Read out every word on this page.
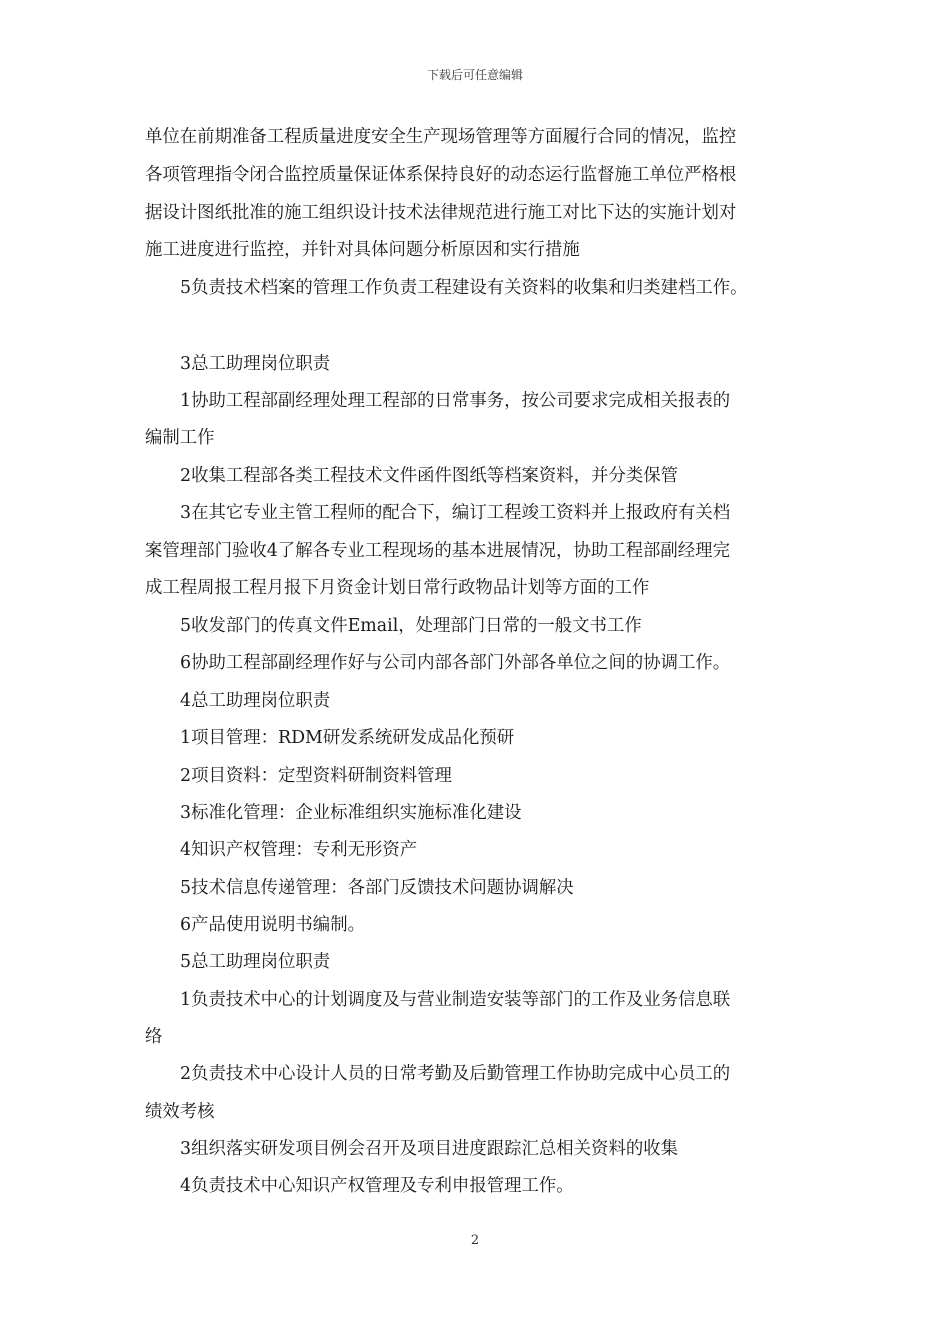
下载后可任意编辑
单位在前期准备工程质量进度安全生产现场管理等方面履行合同的情况，监控
各项管理指令闭合监控质量保证体系保持良好的动态运行监督施工单位严格根
据设计图纸批准的施工组织设计技术法律规范进行施工对比下达的实施计划对
施工进度进行监控，并针对具体问题分析原因和实行措施
5负责技术档案的管理工作负责工程建设有关资料的收集和归类建档工作。
3总工助理岗位职责
1协助工程部副经理处理工程部的日常事务，按公司要求完成相关报表的
编制工作
2收集工程部各类工程技术文件函件图纸等档案资料，并分类保管
3在其它专业主管工程师的配合下，编订工程竣工资料并上报政府有关档
案管理部门验收4了解各专业工程现场的基本进展情况，协助工程部副经理完
成工程周报工程月报下月资金计划日常行政物品计划等方面的工作
5收发部门的传真文件Email，处理部门日常的一般文书工作
6协助工程部副经理作好与公司内部各部门外部各单位之间的协调工作。
4总工助理岗位职责
1项目管理：RDM研发系统研发成品化预研
2项目资料：定型资料研制资料管理
3标准化管理：企业标准组织实施标准化建设
4知识产权管理：专利无形资产
5技术信息传递管理：各部门反馈技术问题协调解决
6产品使用说明书编制。
5总工助理岗位职责
1负责技术中心的计划调度及与营业制造安装等部门的工作及业务信息联
络
2负责技术中心设计人员的日常考勤及后勤管理工作协助完成中心员工的
绩效考核
3组织落实研发项目例会召开及项目进度跟踪汇总相关资料的收集
4负责技术中心知识产权管理及专利申报管理工作。
2
